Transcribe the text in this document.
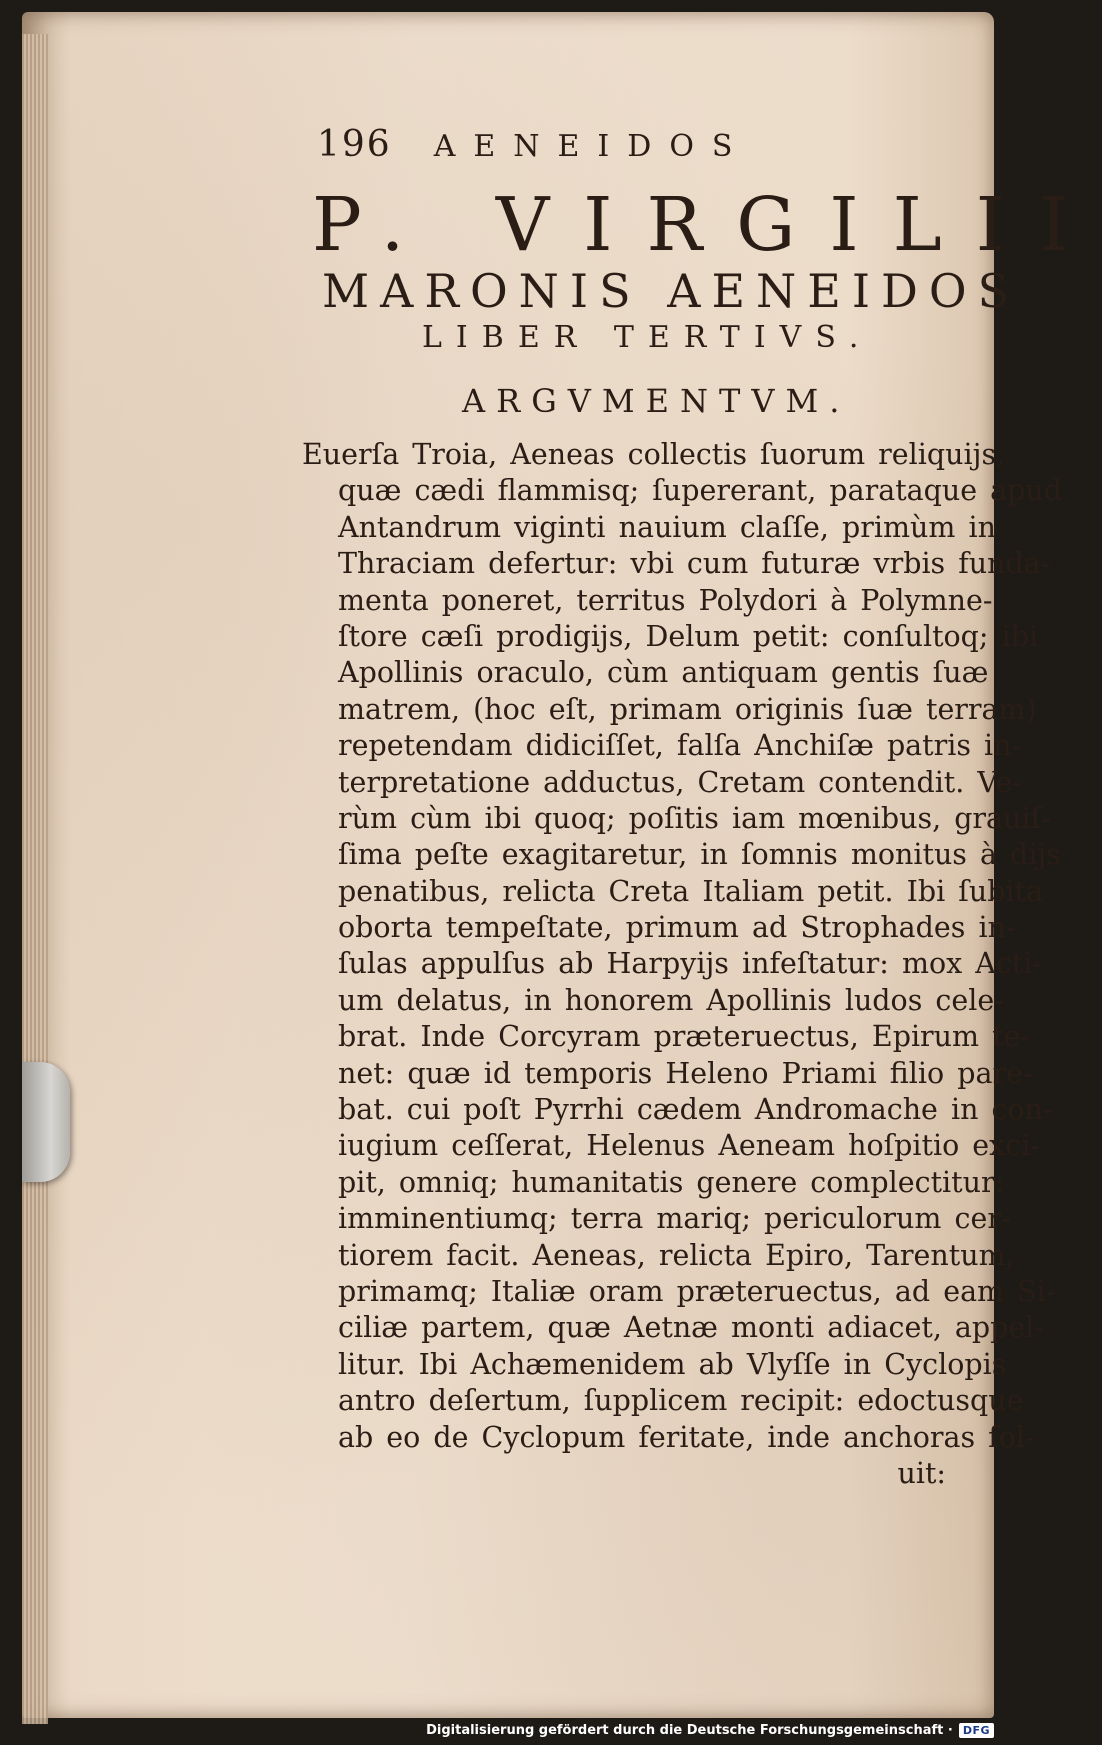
196 AENEIDOS
P. VIRGILII
MARONIS AENEIDOS
LIBER TERTIVS.
ARGVMENTVM.
Euerſa Troia, Aeneas collectis ſuorum reliquijs,
quæ cædi flammisq; ſupererant, parataque apud
Antandrum viginti nauium claſſe, primùm in
Thraciam defertur: vbi cum futuræ vrbis funda-
menta poneret, territus Polydori à Polymne-
ſtore cæſi prodigijs, Delum petit: conſultoq; ibi
Apollinis oraculo, cùm antiquam gentis ſuæ
matrem, (hoc eſt, primam originis ſuæ terram)
repetendam didiciſſet, falſa Anchiſæ patris in-
terpretatione adductus, Cretam contendit. Ve-
rùm cùm ibi quoq; poſitis iam mœnibus, grauiſ-
ſima peſte exagitaretur, in ſomnis monitus à dijs
penatibus, relicta Creta Italiam petit. Ibi ſubita
oborta tempeſtate, primum ad Strophades in-
ſulas appulſus ab Harpyijs infeſtatur: mox Acti-
um delatus, in honorem Apollinis ludos cele-
brat. Inde Corcyram præteruectus, Epirum te-
net: quæ id temporis Heleno Priami filio pare-
bat. cui poſt Pyrrhi cædem Andromache in con-
iugium ceſſerat, Helenus Aeneam hoſpitio exci-
pit, omniq; humanitatis genere complectitur:
imminentiumq; terra mariq; periculorum cer-
tiorem facit. Aeneas, relicta Epiro, Tarentum,
primamq; Italiæ oram præteruectus, ad eam Si-
ciliæ partem, quæ Aetnæ monti adiacet, appel-
litur. Ibi Achæmenidem ab Vlyſſe in Cyclopis
antro deſertum, ſupplicem recipit: edoctusque
ab eo de Cyclopum feritate, inde anchoras ſol-
uit:
Digitalisierung gefördert durch die Deutsche Forschungsgemeinschaft · DFG
